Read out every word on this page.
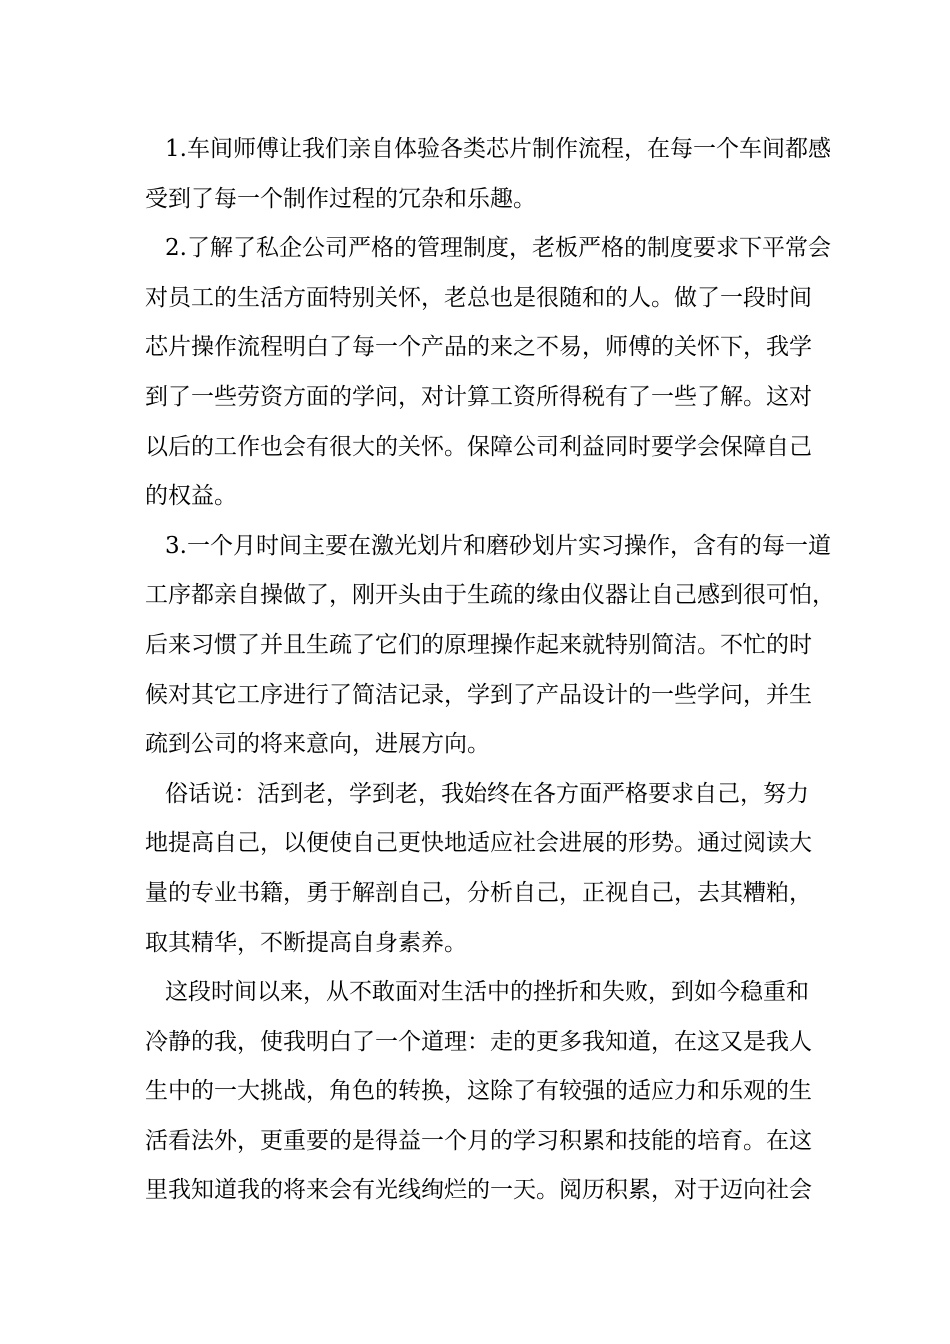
1.车间师傅让我们亲自体验各类芯片制作流程，在每一个车间都感
受到了每一个制作过程的冗杂和乐趣。
2.了解了私企公司严格的管理制度，老板严格的制度要求下平常会
对员工的生活方面特别关怀，老总也是很随和的人。做了一段时间
芯片操作流程明白了每一个产品的来之不易，师傅的关怀下，我学
到了一些劳资方面的学问，对计算工资所得税有了一些了解。这对
以后的工作也会有很大的关怀。保障公司利益同时要学会保障自己
的权益。
3.一个月时间主要在激光划片和磨砂划片实习操作，含有的每一道
工序都亲自操做了，刚开头由于生疏的缘由仪器让自己感到很可怕，
后来习惯了并且生疏了它们的原理操作起来就特别简洁。不忙的时
候对其它工序进行了简洁记录，学到了产品设计的一些学问，并生
疏到公司的将来意向，进展方向。
俗话说：活到老，学到老，我始终在各方面严格要求自己，努力
地提高自己，以便使自己更快地适应社会进展的形势。通过阅读大
量的专业书籍，勇于解剖自己，分析自己，正视自己，去其糟粕，
取其精华，不断提高自身素养。
这段时间以来，从不敢面对生活中的挫折和失败，到如今稳重和
冷静的我，使我明白了一个道理：走的更多我知道，在这又是我人
生中的一大挑战，角色的转换，这除了有较强的适应力和乐观的生
活看法外，更重要的是得益一个月的学习积累和技能的培育。在这
里我知道我的将来会有光线绚烂的一天。阅历积累，对于迈向社会
